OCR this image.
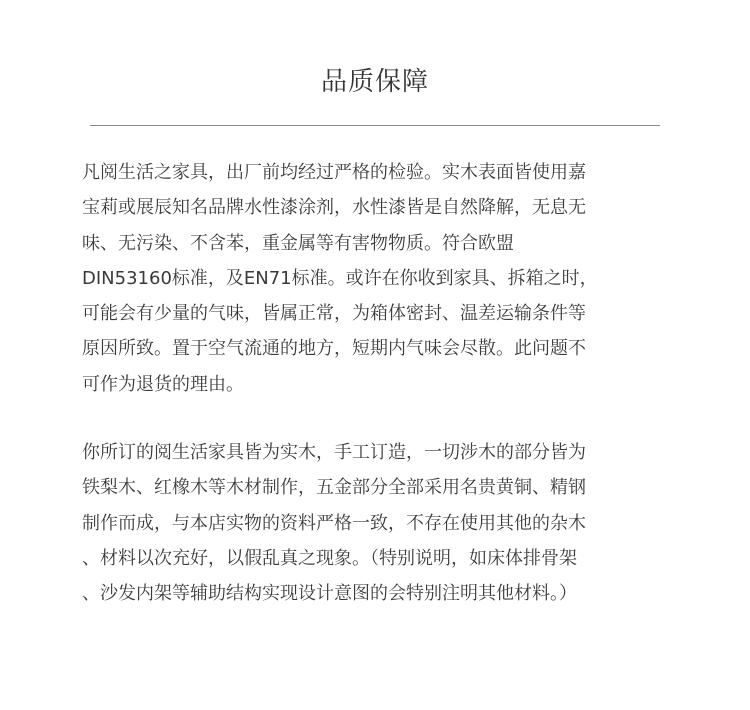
品质保障

凡阅生活之家具，出厂前均经过严格的检验。实木表面皆使用嘉
宝莉或展辰知名品牌水性漆涂剂，水性漆皆是自然降解，无息无
味、无污染、不含苯，重金属等有害物物质。符合欧盟
DIN53160标准，及EN71标准。或许在你收到家具、拆箱之时，
可能会有少量的气味，皆属正常，为箱体密封、温差运输条件等
原因所致。置于空气流通的地方，短期内气味会尽散。此问题不
可作为退货的理由。

你所订的阅生活家具皆为实木，手工订造，一切涉木的部分皆为
铁梨木、红橡木等木材制作，五金部分全部采用名贵黄铜、精钢
制作而成，与本店实物的资料严格一致，不存在使用其他的杂木
、材料以次充好，以假乱真之现象。（特别说明，如床体排骨架
、沙发内架等辅助结构实现设计意图的会特别注明其他材料。）
